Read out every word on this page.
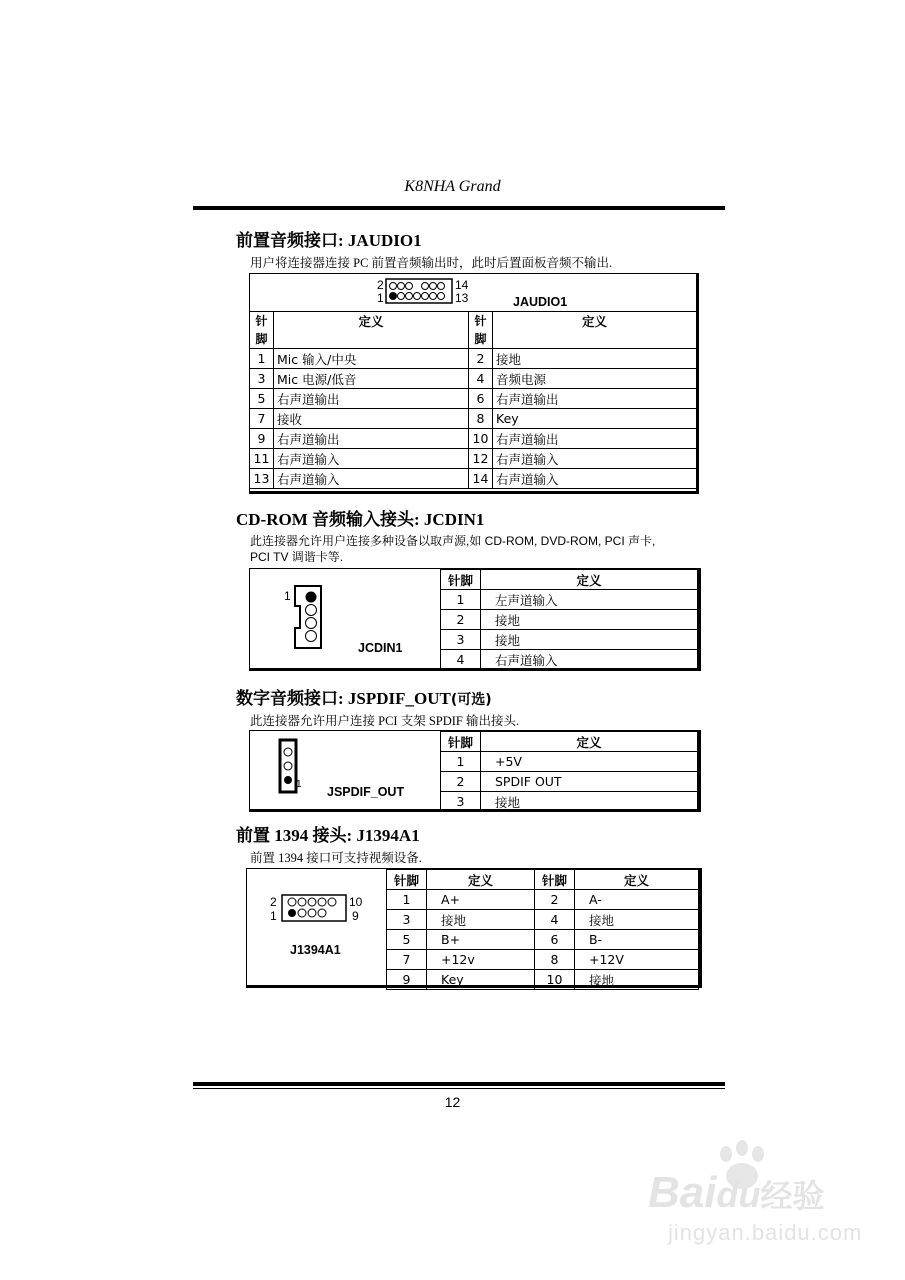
K8NHA Grand
前置音频接口: JAUDIO1
用户将连接器连接 PC 前置音频输出时，此时后置面板音频不输出.
2
1
14
13	JAUDIO1
针脚	定义	针脚	定义
1	Mic 输入/中央	2	接地
3	Mic 电源/低音	4	音频电源
5	右声道输出	6	右声道输出
7	接收	8	Key
9	右声道输出	10	右声道输出
11	右声道输入	12	右声道输入
13	右声道输入	14	右声道输入
CD-ROM 音频输入接头: JCDIN1
此连接器允许用户连接多种设备以取声源,如 CD-ROM, DVD-ROM, PCI 声卡,
PCI TV 调谐卡等.
1
JCDIN1
针脚	定义
1	左声道输入
2	接地
3	接地
4	右声道输入
数字音频接口: JSPDIF_OUT(可选)
此连接器允许用户连接 PCI 支架 SPDIF 输出接头.
1
JSPDIF_OUT
针脚	定义
1	+5V
2	SPDIF OUT
3	接地
前置 1394 接头: J1394A1
前置 1394 接口可支持视频设备.
2
1
10
9
J1394A1
针脚	定义	针脚	定义
1	A+	2	A-
3	接地	4	接地
5	B+	6	B-
7	+12v	8	+12V
9	Key	10	接地
12
Baidu经验
jingyan.baidu.com
